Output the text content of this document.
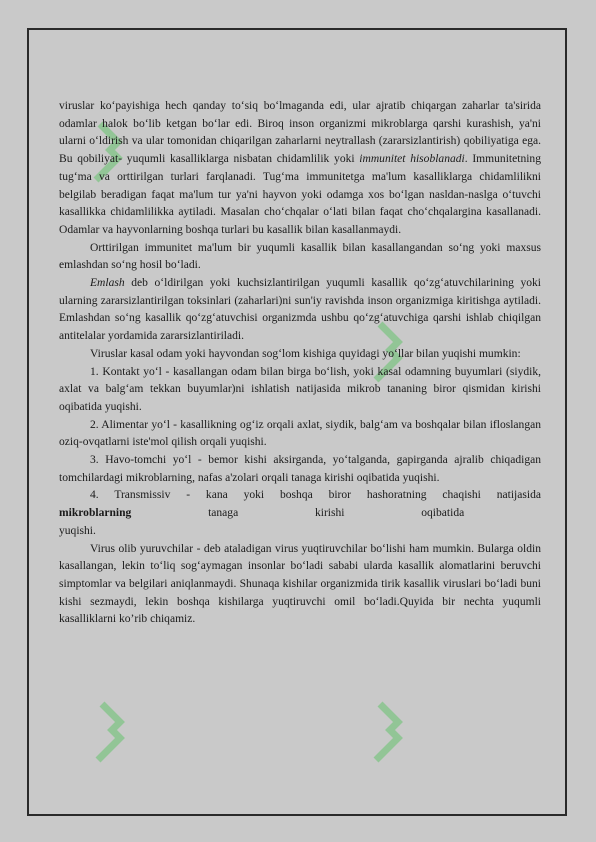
viruslar ko‘payishiga hech qanday to‘siq bo‘lmaganda edi, ular ajratib chiqargan zaharlar ta'sirida odamlar halok bo‘lib ketgan bo‘lar edi. Biroq inson organizmi mikroblarga qarshi kurashish, ya'ni ularni o‘ldirish va ular tomonidan chiqarilgan zaharlarni neytrallash (zararsizlantirish) qobiliyatiga ega. Bu qobiliyat- yuqumli kasalliklarga nisbatan chidamlilik yoki immunitet hisoblanadi. Immunitetning tug‘ma va orttirilgan turlari farqlanadi. Tug‘ma immunitetga ma'lum kasalliklarga chidamlilikni belgilab beradigan faqat ma'lum tur ya'ni hayvon yoki odamga xos bo‘lgan nasldan-naslga o‘tuvchi kasallikka chidamlilikka aytiladi. Masalan cho‘chqalar o‘lati bilan faqat cho‘chqalargina kasallanadi. Odamlar va hayvonlarning boshqa turlari bu kasallik bilan kasallanmaydi.

Orttirilgan immunitet ma'lum bir yuqumli kasallik bilan kasallangandan so‘ng yoki maxsus emlashdan so‘ng hosil bo‘ladi.

Emlash deb o‘ldirilgan yoki kuchsizlantirilgan yuqumli kasallik qo‘zg‘atuvchilarining yoki ularning zararsizlantirilgan toksinlari (zaharlari)ni sun'iy ravishda inson organizmiga kiritishga aytiladi. Emlashdan so‘ng kasallik qo‘zg‘atuvchisi organizmda ushbu qo‘zg‘atuvchiga qarshi ishlab chiqilgan antitelalar yordamida zararsizlantiriladi.

Viruslar kasal odam yoki hayvondan sog‘lom kishiga quyidagi yo‘llar bilan yuqishi mumkin:

1. Kontakt yo‘l - kasallangan odam bilan birga bo‘lish, yoki kasal odamning buyumlari (siydik, axlat va balg‘am tekkan buyumlar)ni ishlatish natijasida mikrob tananing biror qismidan kirishi oqibatida yuqishi.

2. Alimentar yo‘l - kasallikning og‘iz orqali axlat, siydik, balg‘am va boshqalar bilan ifloslangan oziq-ovqatlarni iste'mol qilish orqali yuqishi.

3. Havo-tomchi yo‘l - bemor kishi aksirganda, yo‘talganda, gapirganda ajralib chiqadigan tomchilardagi mikroblarning, nafas a'zolari orqali tanaga kirishi oqibatida yuqishi.

4. Transmissiv - kana yoki boshqa biror hashoratning chaqishi natijasida

mikroblarning	tanaga	kirishi	oqibatida

yuqishi.

Virus olib yuruvchilar - deb ataladigan virus yuqtiruvchilar bo‘lishi ham mumkin. Bularga oldin kasallangan, lekin to‘liq sog‘aymagan insonlar bo‘ladi sababi ularda kasallik alomatlarini beruvchi simptomlar va belgilari aniqlanmaydi. Shunaqa kishilar organizmida tirik kasallik viruslari bo‘ladi buni kishi sezmaydi, lekin boshqa kishilarga yuqtiruvchi omil bo‘ladi.Quyida bir nechta yuqumli kasalliklarni ko’rib chiqamiz.
